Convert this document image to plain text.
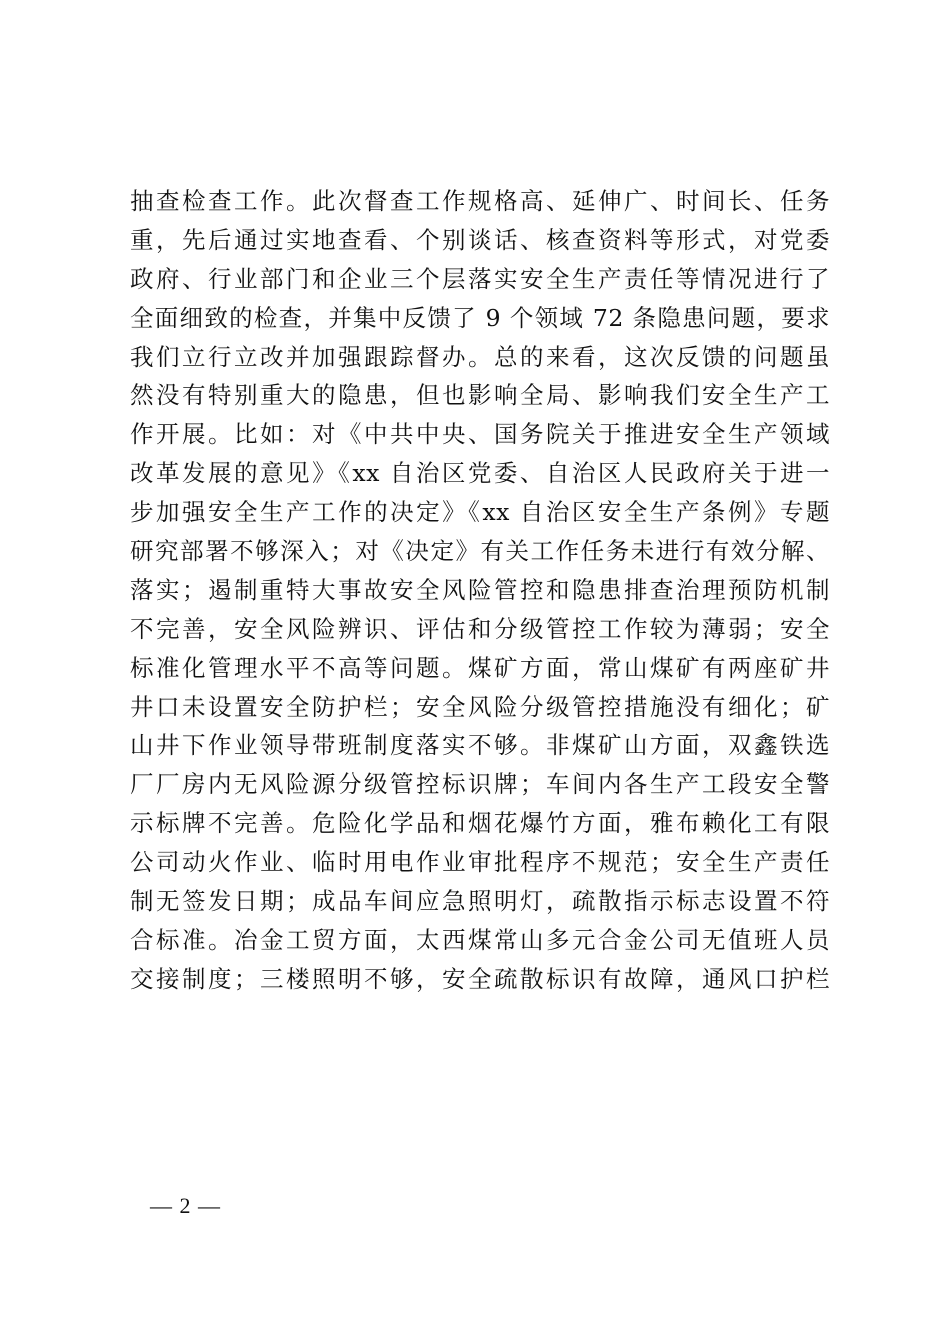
抽查检查工作。此次督查工作规格高、延伸广、时间长、任务
重，先后通过实地查看、个别谈话、核查资料等形式，对党委
政府、行业部门和企业三个层落实安全生产责任等情况进行了
全面细致的检查，并集中反馈了 9 个领域 72 条隐患问题，要求
我们立行立改并加强跟踪督办。总的来看，这次反馈的问题虽
然没有特别重大的隐患，但也影响全局、影响我们安全生产工
作开展。比如：对《中共中央、国务院关于推进安全生产领域
改革发展的意见》《xx 自治区党委、自治区人民政府关于进一
步加强安全生产工作的决定》《xx 自治区安全生产条例》专题
研究部署不够深入；对《决定》有关工作任务未进行有效分解、
落实；遏制重特大事故安全风险管控和隐患排查治理预防机制
不完善，安全风险辨识、评估和分级管控工作较为薄弱；安全
标准化管理水平不高等问题。煤矿方面，常山煤矿有两座矿井
井口未设置安全防护栏；安全风险分级管控措施没有细化；矿
山井下作业领导带班制度落实不够。非煤矿山方面，双鑫铁选
厂厂房内无风险源分级管控标识牌；车间内各生产工段安全警
示标牌不完善。危险化学品和烟花爆竹方面，雅布赖化工有限
公司动火作业、临时用电作业审批程序不规范；安全生产责任
制无签发日期；成品车间应急照明灯，疏散指示标志设置不符
合标准。冶金工贸方面，太西煤常山多元合金公司无值班人员
交接制度；三楼照明不够，安全疏散标识有故障，通风口护栏
— 2 —
